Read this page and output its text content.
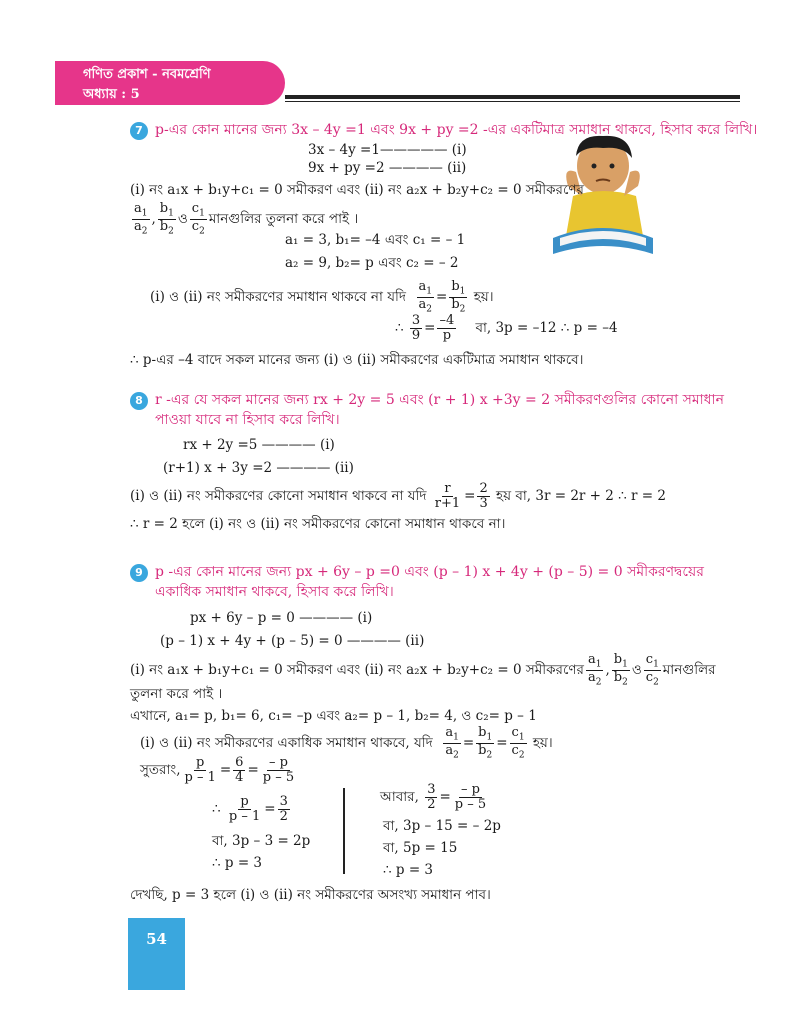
গণিত প্রকাশ - নবমশ্রেণি
অধ্যায় : 5
7 p-এর কোন মানের জন্য 3x – 4y =1 এবং 9x + py =2 -এর একটিমাত্র সমাধান থাকবে, হিসাব করে লিখি।
3x – 4y =1————— (i)
9x + py =2 ———— (ii)
(i) নং a₁x + b₁y+c₁ = 0 সমীকরণ এবং (ii) নং a₂x + b₂y+c₂ = 0 সমীকরণের
$a_1$
$a_2$
,
$b_1$
$b_2$
ও
$c_1$
$c_2$
মানগুলির তুলনা করে পাই ।
a₁ = 3, b₁= –4 এবং c₁ = – 1
a₂ = 9, b₂= p এবং c₂ = – 2
(i) ও (ii) নং সমীকরণের সমাধান থাকবে না যদি

$a_1$
$a_2$
=
$b_1$
$b_2$

হয়।
∴ 3
9 = –4
p
বা, 3p = –12 ∴ p = –4
∴ p-এর –4 বাদে সকল মানের জন্য (i) ও (ii) সমীকরণের একটিমাত্র সমাধান থাকবে।
8 r -এর যে সকল মানের জন্য rx + 2y = 5 এবং (r + 1) x +3y = 2 সমীকরণগুলির কোনো সমাধান
পাওয়া যাবে না হিসাব করে লিখি।
rx + 2y =5 ———— (i)
(r+1) x + 3y =2 ———— (ii)
(i) ও (ii) নং সমীকরণের কোনো সমাধান থাকবে না যদি
r
r+1 = 2
3
হয় বা, 3r = 2r + 2 ∴ r = 2
∴ r = 2 হলে (i) নং ও (ii) নং সমীকরণের কোনো সমাধান থাকবে না।
9 p -এর কোন মানের জন্য px + 6y – p =0 এবং (p – 1) x + 4y + (p – 5) = 0 সমীকরণদ্বয়ের
একাধিক সমাধান থাকবে, হিসাব করে লিখি।
px + 6y – p = 0 ———— (i)
(p – 1) x + 4y + (p – 5) = 0 ———— (ii)
(i) নং a₁x + b₁y+c₁ = 0 সমীকরণ এবং (ii) নং a₂x + b₂y+c₂ = 0 সমীকরণের
$a_1$
$a_2$
,
$b_1$
$b_2$
ও
$c_1$
$c_2$
মানগুলির
তুলনা করে পাই ।
এখানে, a₁= p, b₁= 6, c₁= –p এবং a₂= p – 1, b₂= 4, ও c₂= p – 1
(i) ও (ii) নং সমীকরণের একাধিক সমাধান থাকবে, যদি

$a_1$
$a_2$
=
$b_1$
$b_2$
=
$c_1$
$c_2$

হয়।
সুতরাং, p
p – 1 = 6
4 = – p
p – 5
∴ p
p – 1 = 3
2
বা, 3p – 3 = 2p
∴ p = 3
আবার,
3
2 = – p
p – 5
বা, 3p – 15 = – 2p
বা, 5p = 15
∴ p = 3
দেখছি, p = 3 হলে (i) ও (ii) নং সমীকরণের অসংখ্য সমাধান পাব।
54
